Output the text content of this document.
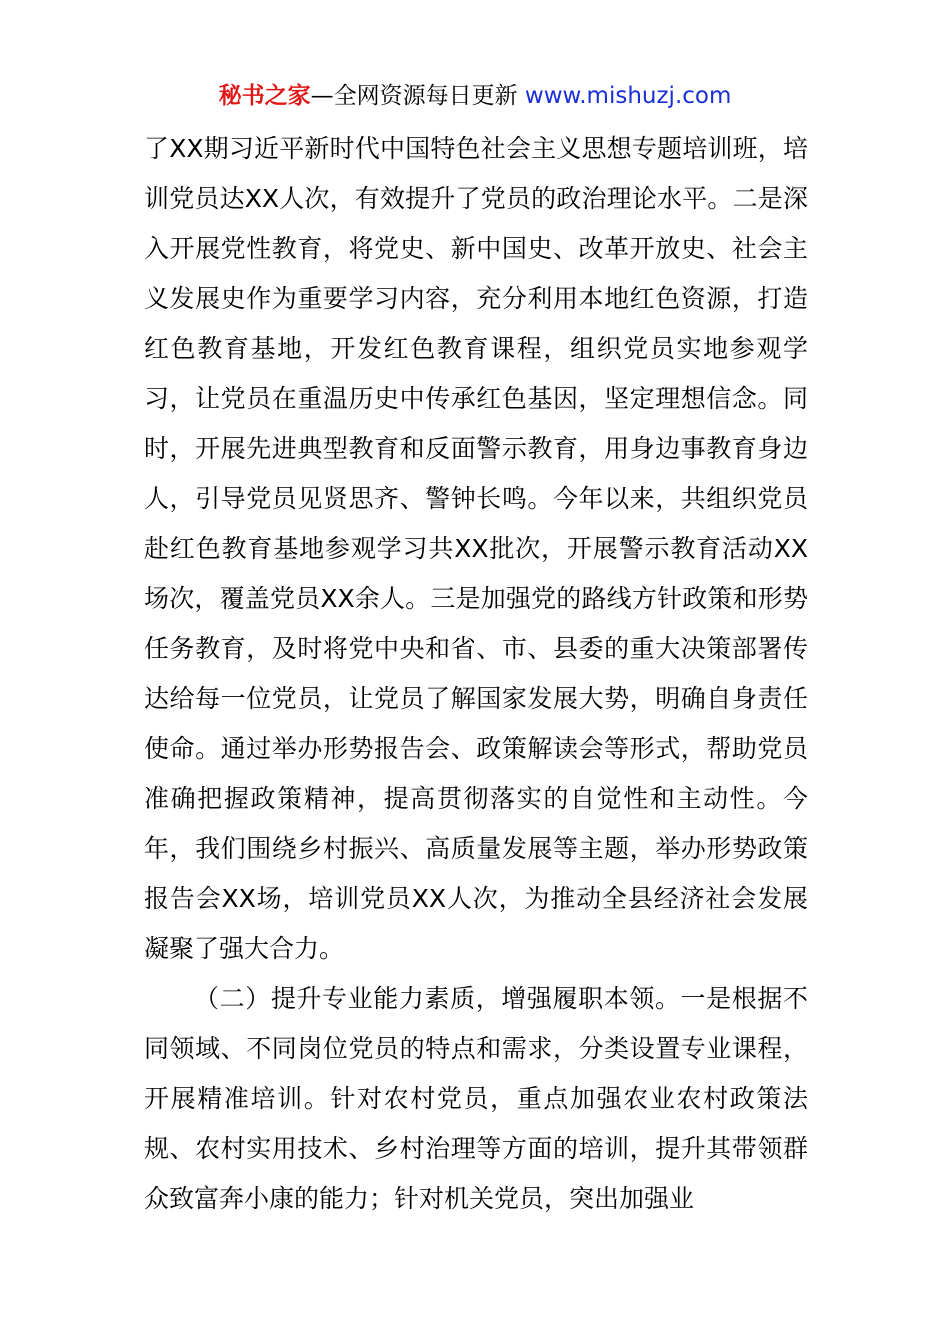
秘书之家—全网资源每日更新 www.mishuzj.com

了XX期习近平新时代中国特色社会主义思想专题培训班，培训党员达XX人次，有效提升了党员的政治理论水平。二是深入开展党性教育，将党史、新中国史、改革开放史、社会主义发展史作为重要学习内容，充分利用本地红色资源，打造红色教育基地，开发红色教育课程，组织党员实地参观学习，让党员在重温历史中传承红色基因，坚定理想信念。同时，开展先进典型教育和反面警示教育，用身边事教育身边人，引导党员见贤思齐、警钟长鸣。今年以来，共组织党员赴红色教育基地参观学习共XX批次，开展警示教育活动XX场次，覆盖党员XX余人。三是加强党的路线方针政策和形势任务教育，及时将党中央和省、市、县委的重大决策部署传达给每一位党员，让党员了解国家发展大势，明确自身责任使命。通过举办形势报告会、政策解读会等形式，帮助党员准确把握政策精神，提高贯彻落实的自觉性和主动性。今年，我们围绕乡村振兴、高质量发展等主题，举办形势政策报告会XX场，培训党员XX人次，为推动全县经济社会发展凝聚了强大合力。

（二）提升专业能力素质，增强履职本领。一是根据不同领域、不同岗位党员的特点和需求，分类设置专业课程，开展精准培训。针对农村党员，重点加强农业农村政策法规、农村实用技术、乡村治理等方面的培训，提升其带领群众致富奔小康的能力；针对机关党员，突出加强业
